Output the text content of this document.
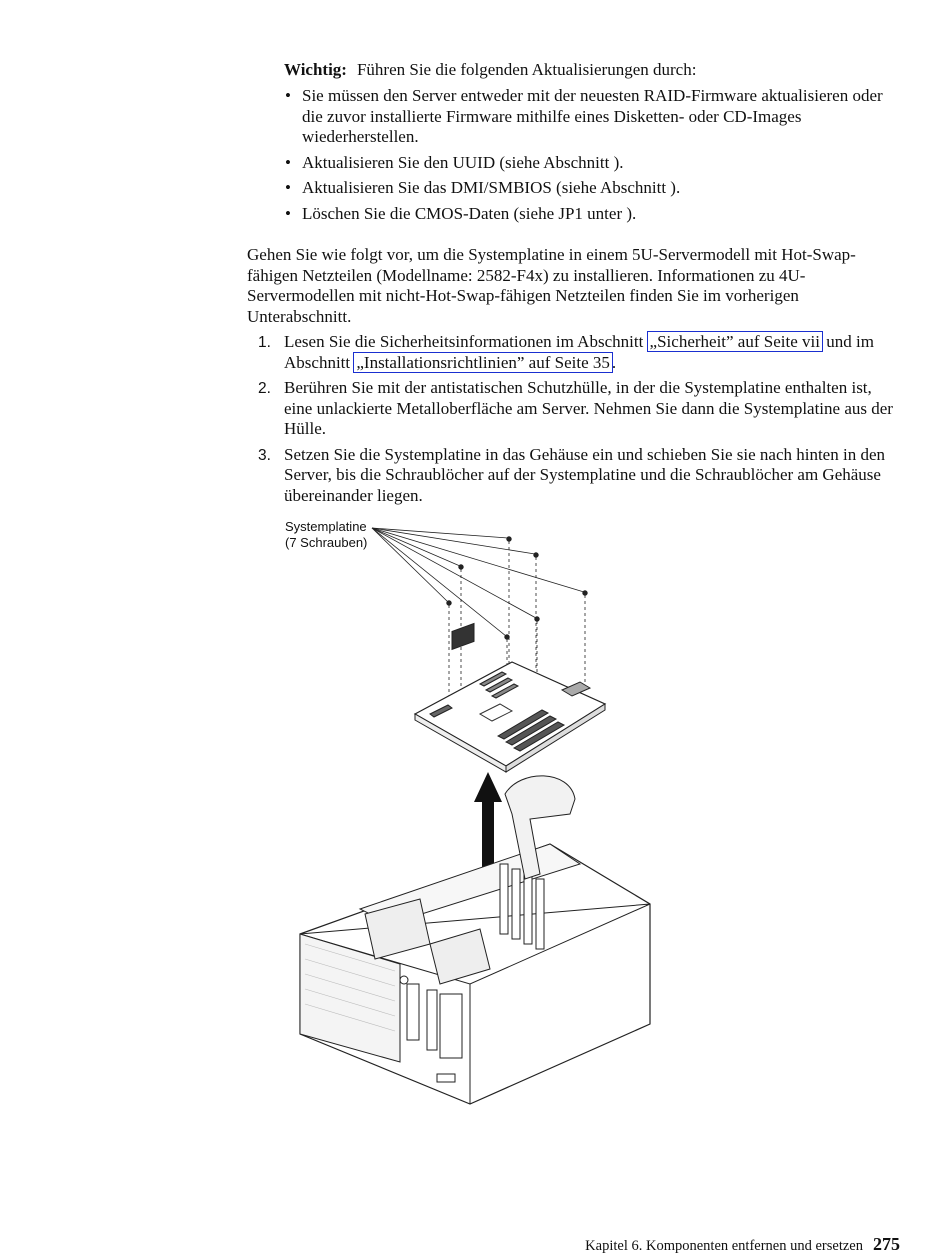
Wichtig: Führen Sie die folgenden Aktualisierungen durch:
• Sie müssen den Server entweder mit der neuesten RAID-Firmware aktualisieren oder die zuvor installierte Firmware mithilfe eines Disketten- oder CD-Images wiederherstellen.
• Aktualisieren Sie den UUID (siehe Abschnitt ).
• Aktualisieren Sie das DMI/SMBIOS (siehe Abschnitt ).
• Löschen Sie die CMOS-Daten (siehe JP1 unter ).

Gehen Sie wie folgt vor, um die Systemplatine in einem 5U-Servermodell mit Hot-Swap-fähigen Netzteilen (Modellname: 2582-F4x) zu installieren. Informationen zu 4U-Servermodellen mit nicht-Hot-Swap-fähigen Netzteilen finden Sie im vorherigen Unterabschnitt.

1. Lesen Sie die Sicherheitsinformationen im Abschnitt „Sicherheit” auf Seite vii und im Abschnitt „Installationsrichtlinien” auf Seite 35 .
2. Berühren Sie mit der antistatischen Schutzhülle, in der die Systemplatine enthalten ist, eine unlackierte Metalloberfläche am Server. Nehmen Sie dann die Systemplatine aus der Hülle.
3. Setzen Sie die Systemplatine in das Gehäuse ein und schieben Sie sie nach hinten in den Server, bis die Schraublöcher auf der Systemplatine und die Schraublöcher am Gehäuse übereinander liegen.
Systemplatine
(7 Schrauben)
Kapitel 6. Komponenten entfernen und ersetzen 275
